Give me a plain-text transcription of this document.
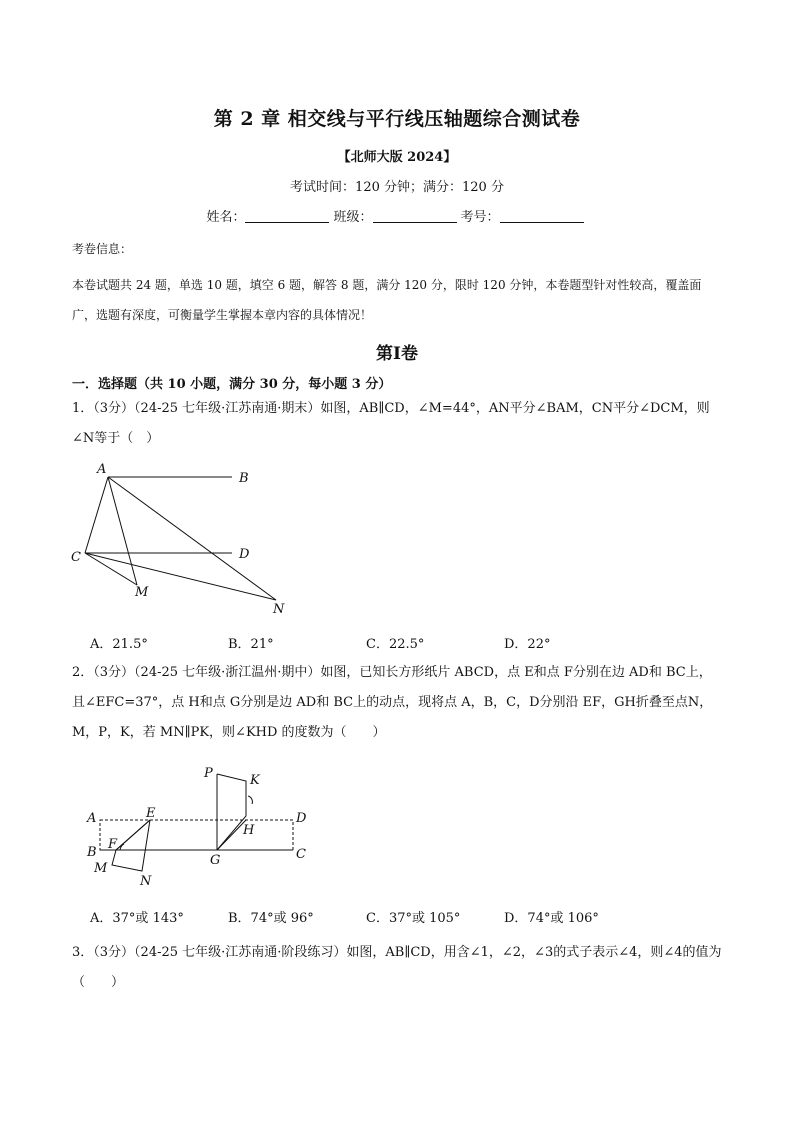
第 2 章 相交线与平行线压轴题综合测试卷
【北师大版 2024】
考试时间：120 分钟；满分：120 分
姓名：	班级：	考号：
考卷信息：
本卷试题共 24 题，单选 10 题，填空 6 题，解答 8 题，满分 120 分，限时 120 分钟，本卷题型针对性较高，覆盖面广，选题有深度，可衡量学生掌握本章内容的具体情况！
第Ⅰ卷
一．选择题（共 10 小题，满分 30 分，每小题 3 分）
1．（3分）（24-25 七年级·江苏南通·期末）如图，AB∥CD，∠M=44°，AN平分∠BAM，CN平分∠DCM，则∠N等于（　）
A
B
C	D
M
N
A．21.5°	B．21°	C．22.5°	D．22°
2．（3分）（24-25 七年级·浙江温州·期中）如图，已知长方形纸片 ABCD，点 E和点 F分别在边 AD和 BC上，且∠EFC=37°，点 H和点 G分别是边 AD和 BC上的动点，现将点 A，B，C，D分别沿 EF，GH折叠至点N，M，P，K，若 MN∥PK，则∠KHD 的度数为（　　）
A
B	C
D
E
F
G
H
M
N
P	K
A．37°或 143°	B．74°或 96°	C．37°或 105°	D．74°或 106°
3．（3分）（24-25 七年级·江苏南通·阶段练习）如图，AB∥CD，用含∠1，∠2，∠3的式子表示∠4，则∠4的值为（　　）
